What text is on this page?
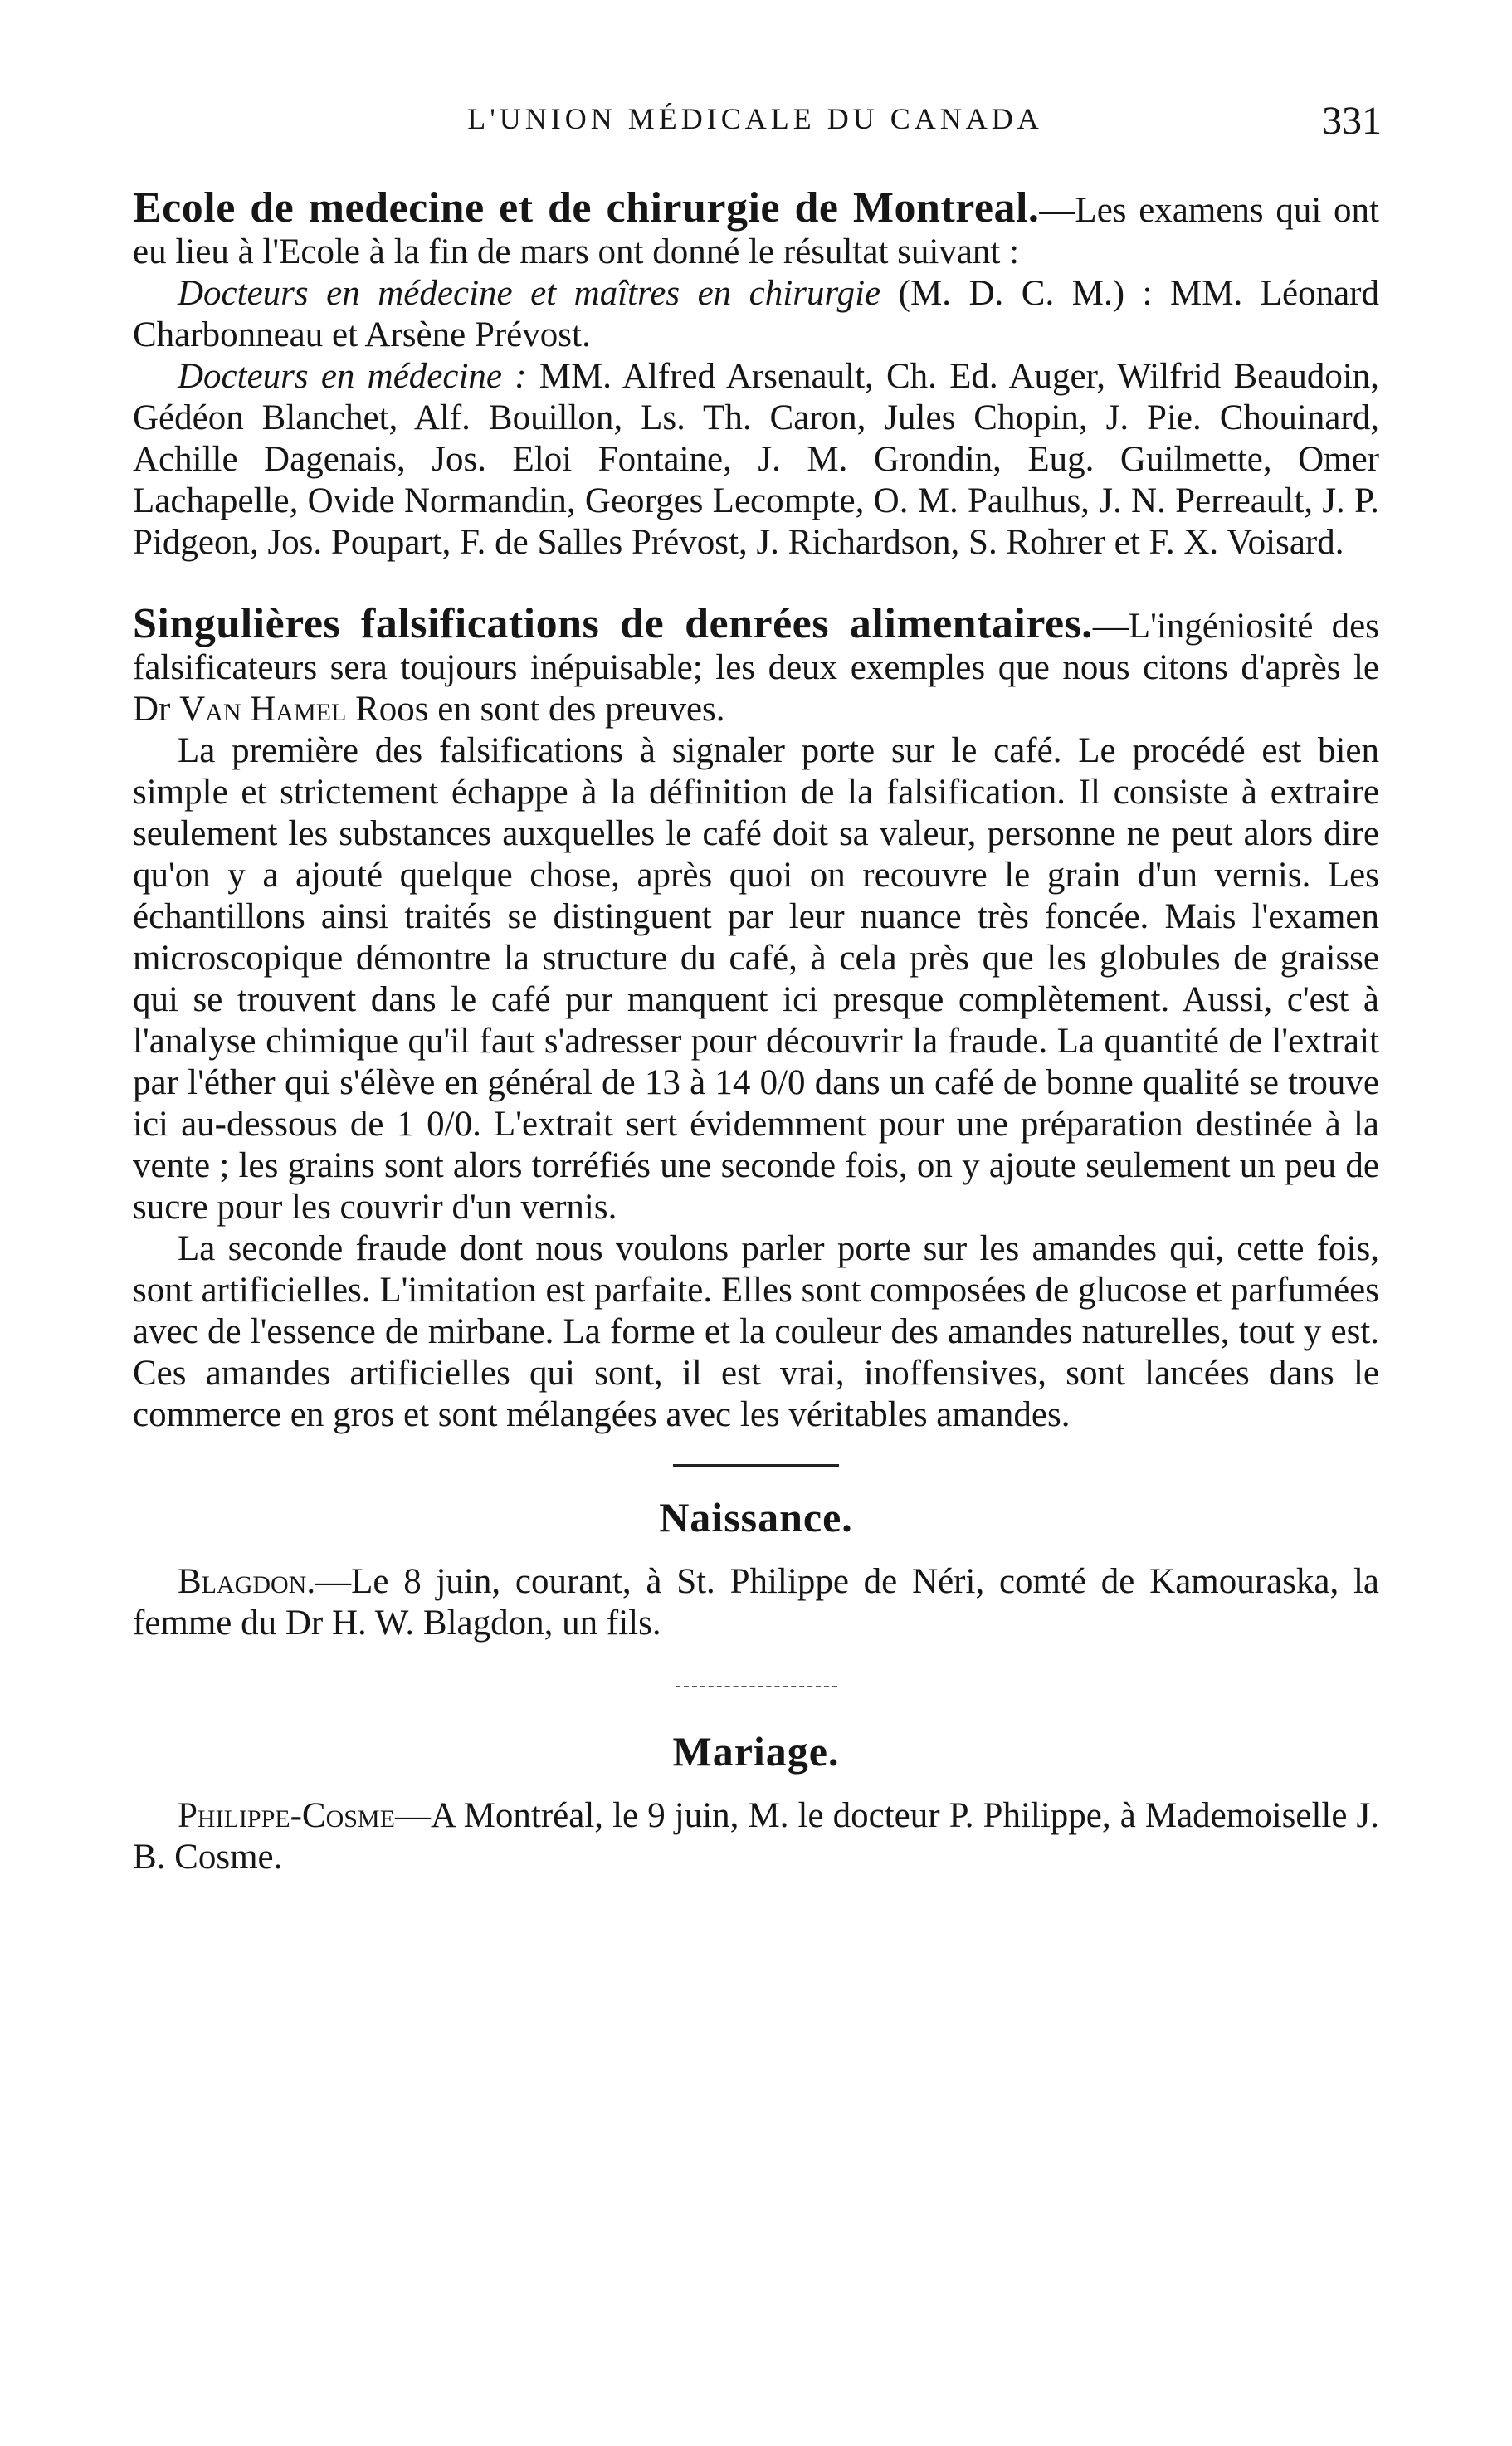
L'UNION MÉDICALE DU CANADA	331

Ecole de medecine et de chirurgie de Montreal.—Les examens qui ont eu lieu à l'Ecole à la fin de mars ont donné le résultat suivant :

Docteurs en médecine et maîtres en chirurgie (M. D. C. M.) : MM. Léonard Charbonneau et Arsène Prévost.

Docteurs en médecine : MM. Alfred Arsenault, Ch. Ed. Auger, Wilfrid Beaudoin, Gédéon Blanchet, Alf. Bouillon, Ls. Th. Caron, Jules Chopin, J. Pie. Chouinard, Achille Dagenais, Jos. Eloi Fontaine, J. M. Grondin, Eug. Guilmette, Omer Lachapelle, Ovide Normandin, Georges Lecompte, O. M. Paulhus, J. N. Perreault, J. P. Pidgeon, Jos. Poupart, F. de Salles Prévost, J. Richardson, S. Rohrer et F. X. Voisard.

Singulières falsifications de denrées alimentaires.—L'ingéniosité des falsificateurs sera toujours inépuisable; les deux exemples que nous citons d'après le Dr Van Hamel Roos en sont des preuves.

La première des falsifications à signaler porte sur le café. Le procédé est bien simple et strictement échappe à la définition de la falsification. Il consiste à extraire seulement les substances auxquelles le café doit sa valeur, personne ne peut alors dire qu'on y a ajouté quelque chose, après quoi on recouvre le grain d'un vernis. Les échantillons ainsi traités se distinguent par leur nuance très foncée. Mais l'examen microscopique démontre la structure du café, à cela près que les globules de graisse qui se trouvent dans le café pur manquent ici presque complètement. Aussi, c'est à l'analyse chimique qu'il faut s'adresser pour découvrir la fraude. La quantité de l'extrait par l'éther qui s'élève en général de 13 à 14 0/0 dans un café de bonne qualité se trouve ici au-dessous de 1 0/0. L'extrait sert évidemment pour une préparation destinée à la vente ; les grains sont alors torréfiés une seconde fois, on y ajoute seulement un peu de sucre pour les couvrir d'un vernis.

La seconde fraude dont nous voulons parler porte sur les amandes qui, cette fois, sont artificielles. L'imitation est parfaite. Elles sont composées de glucose et parfumées avec de l'essence de mirbane. La forme et la couleur des amandes naturelles, tout y est. Ces amandes artificielles qui sont, il est vrai, inoffensives, sont lancées dans le commerce en gros et sont mélangées avec les véritables amandes.

Naissance.

Blagdon.—Le 8 juin, courant, à St. Philippe de Néri, comté de Kamouraska, la femme du Dr H. W. Blagdon, un fils.

Mariage.

Philippe-Cosme—A Montréal, le 9 juin, M. le docteur P. Philippe, à Mademoiselle J. B. Cosme.
